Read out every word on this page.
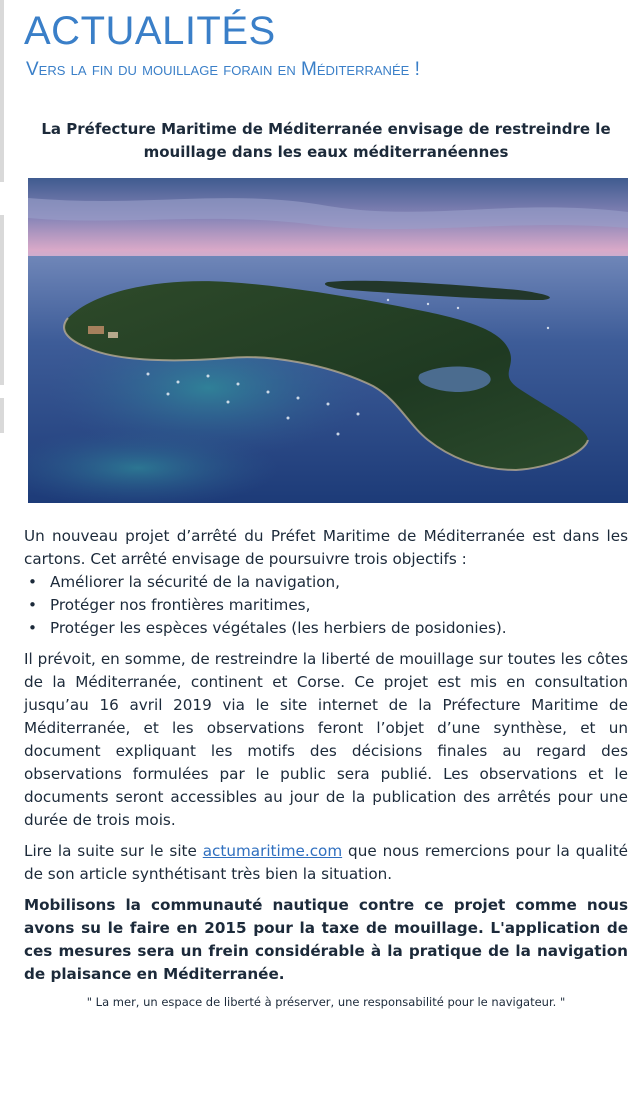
ACTUALITÉS
Vers la fin du mouillage forain en Méditerranée !
La Préfecture Maritime de Méditerranée envisage de restreindre le mouillage dans les eaux méditerranéennes
Un nouveau projet d’arrêté du Préfet Maritime de Méditerranée est dans les cartons. Cet arrêté envisage de poursuivre trois objectifs :
• Améliorer la sécurité de la navigation,
• Protéger nos frontières maritimes,
• Protéger les espèces végétales (les herbiers de posidonies).
Il prévoit, en somme, de restreindre la liberté de mouillage sur toutes les côtes de la Méditerranée, continent et Corse. Ce projet est mis en consultation jusqu’au 16 avril 2019 via le site internet de la Préfecture Maritime de Méditerranée, et les observations feront l’objet d’une synthèse, et un document expliquant les motifs des décisions finales au regard des observations formulées par le public sera publié. Les observations et le documents seront accessibles au jour de la publication des arrêtés pour une durée de trois mois.
Lire la suite sur le site actumaritime.com que nous remercions pour la qualité de son article synthétisant très bien la situation.
Mobilisons la communauté nautique contre ce projet comme nous avons su le faire en 2015 pour la taxe de mouillage. L'application de ces mesures sera un frein considérable à la pratique de la navigation de plaisance en Méditerranée.
" La mer, un espace de liberté à préserver, une responsabilité pour le navigateur. "
